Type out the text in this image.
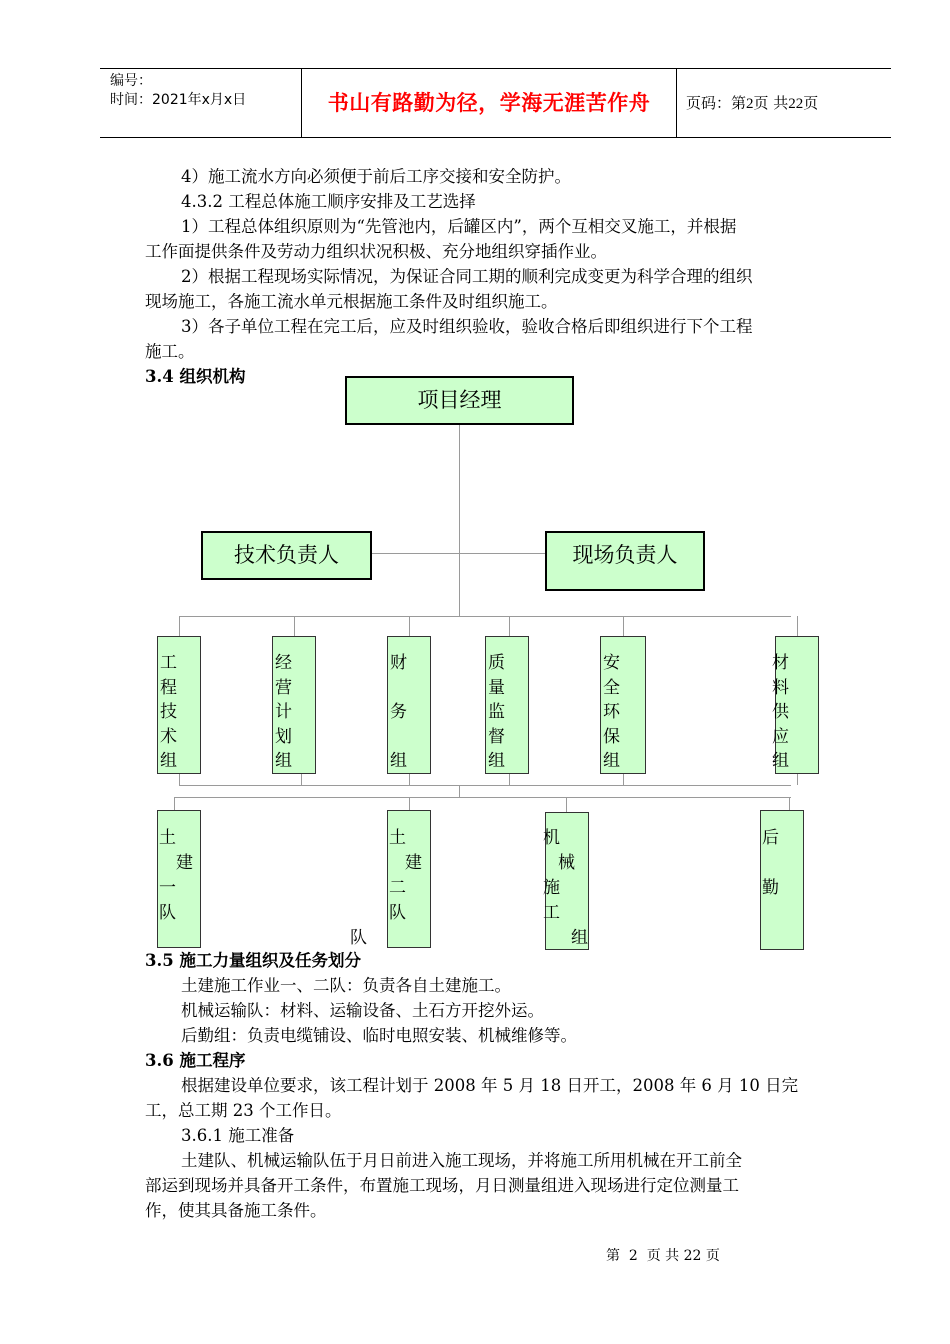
编号：
时间：2021年x月x日	书山有路勤为径，学海无涯苦作舟	页码：第2页 共22页
4）施工流水方向必须便于前后工序交接和安全防护。
4.3.2 工程总体施工顺序安排及工艺选择
1）工程总体组织原则为“先管池内，后罐区内”，两个互相交叉施工，并根据
工作面提供条件及劳动力组织状况积极、充分地组织穿插作业。
2）根据工程现场实际情况，为保证合同工期的顺利完成变更为科学合理的组织
现场施工，各施工流水单元根据施工条件及时组织施工。
3）各子单位工程在完工后，应及时组织验收，验收合格后即组织进行下个工程
施工。
3.4 组织机构
项目经理
技术负责人	现场负责人
工
程
技
术
组
经
营
计
划
组
财
务
组
质
量
监
督
组
安
全
环
保
组
材
料
供
应
组
土
建
一
队
土
建
二
队
队
机
械
施
工
组
后
勤
3.5 施工力量组织及任务划分
土建施工作业一、二队：负责各自土建施工。
机械运输队：材料、运输设备、土石方开挖外运。
后勤组：负责电缆铺设、临时电照安装、机械维修等。
3.6 施工程序
根据建设单位要求，该工程计划于 2008 年 5 月 18 日开工，2008 年 6 月 10 日完
工，总工期 23 个工作日。
3.6.1 施工准备
土建队、机械运输队伍于月日前进入施工现场，并将施工所用机械在开工前全
部运到现场并具备开工条件，布置施工现场，月日测量组进入现场进行定位测量工
作，使其具备施工条件。
第 2 页 共 22 页
